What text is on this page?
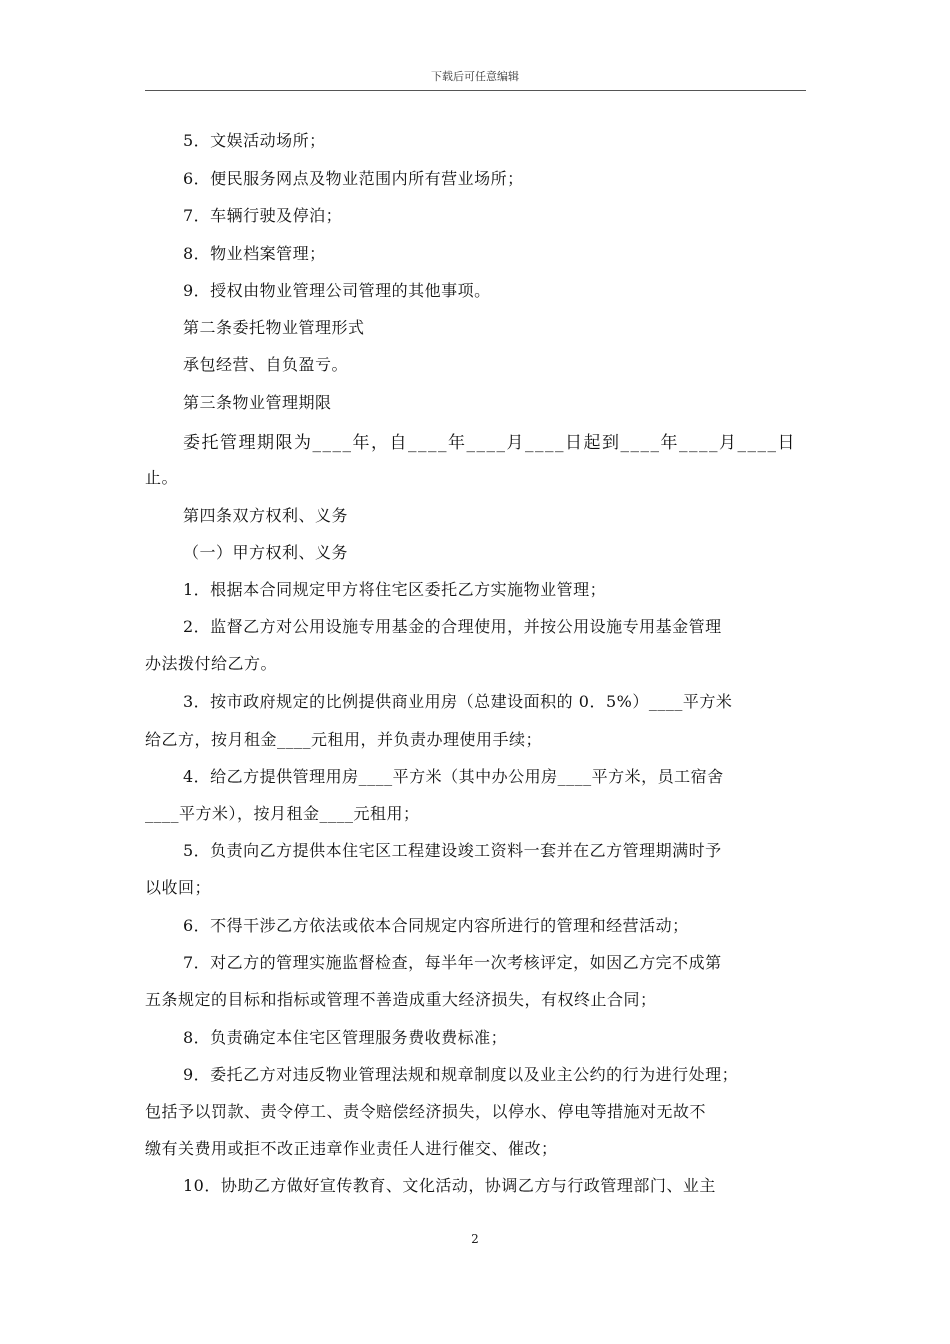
下载后可任意编辑
5．文娱活动场所；
6．便民服务网点及物业范围内所有营业场所；
7．车辆行驶及停泊；
8．物业档案管理；
9．授权由物业管理公司管理的其他事项。
第二条委托物业管理形式
承包经营、自负盈亏。
第三条物业管理期限
委托管理期限为____年，自____年____月____日起到____年____月____日
止。
第四条双方权利、义务
（一）甲方权利、义务
1．根据本合同规定甲方将住宅区委托乙方实施物业管理；
2．监督乙方对公用设施专用基金的合理使用，并按公用设施专用基金管理
办法拨付给乙方。
3．按市政府规定的比例提供商业用房（总建设面积的 0．5%）____平方米
给乙方，按月租金____元租用，并负责办理使用手续；
4．给乙方提供管理用房____平方米（其中办公用房____平方米，员工宿舍
____平方米），按月租金____元租用；
5．负责向乙方提供本住宅区工程建设竣工资料一套并在乙方管理期满时予
以收回；
6．不得干涉乙方依法或依本合同规定内容所进行的管理和经营活动；
7．对乙方的管理实施监督检查，每半年一次考核评定，如因乙方完不成第
五条规定的目标和指标或管理不善造成重大经济损失，有权终止合同；
8．负责确定本住宅区管理服务费收费标准；
9．委托乙方对违反物业管理法规和规章制度以及业主公约的行为进行处理；
包括予以罚款、责令停工、责令赔偿经济损失，以停水、停电等措施对无故不
缴有关费用或拒不改正违章作业责任人进行催交、催改；
10．协助乙方做好宣传教育、文化活动，协调乙方与行政管理部门、业主
2
